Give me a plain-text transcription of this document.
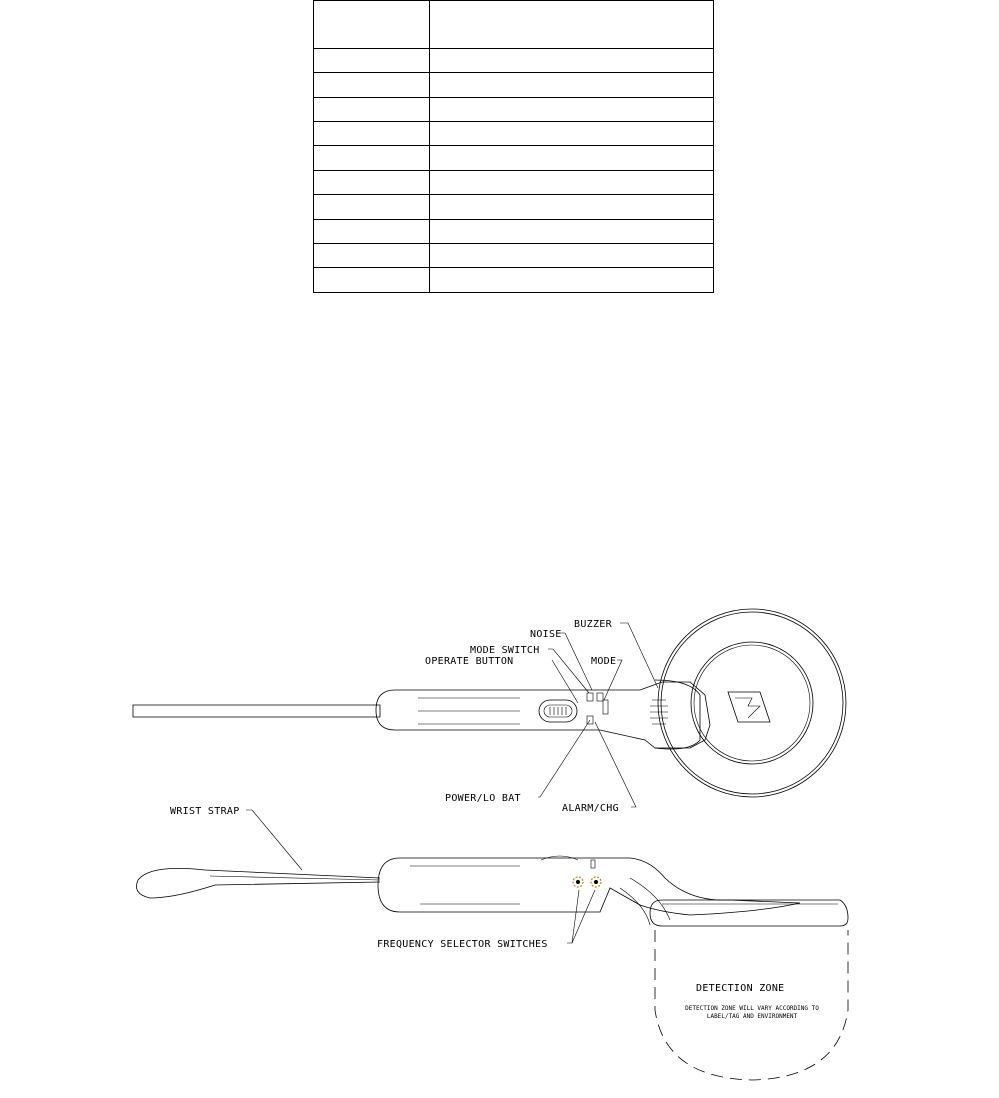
BUZZER
NOISE
MODE SWITCH
MODE
OPERATE BUTTON
POWER/LO BAT
ALARM/CHG
WRIST STRAP
FREQUENCY SELECTOR SWITCHES
DETECTION ZONE
DETECTION ZONE WILL VARY ACCORDING TO
LABEL/TAG AND ENVIRONMENT
